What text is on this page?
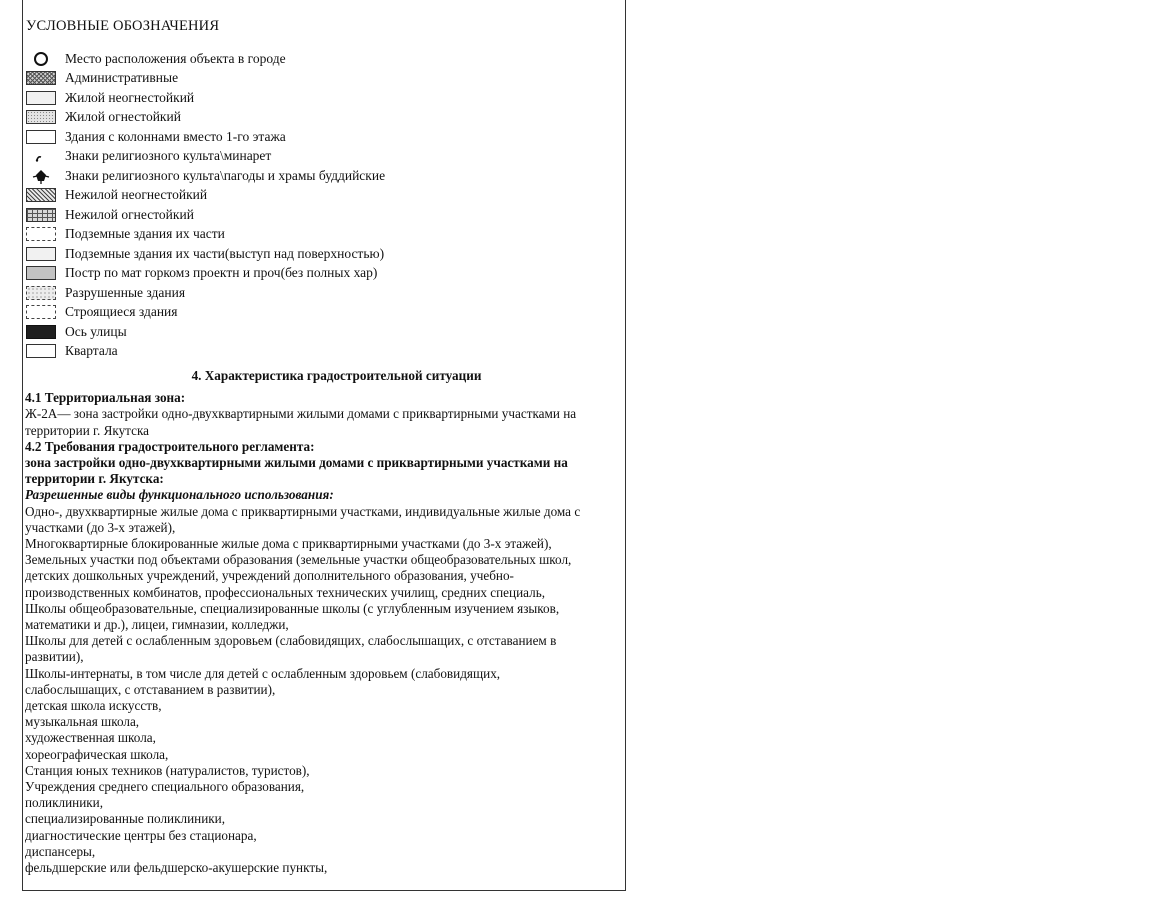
УСЛОВНЫЕ ОБОЗНАЧЕНИЯ
Место расположения объекта в городе
Административные
Жилой неогнестойкий
Жилой огнестойкий
Здания с колоннами вместо 1-го этажа
Знаки религиозного культа\минарет
Знаки религиозного культа\пагоды и храмы буддийские
Нежилой неогнестойкий
Нежилой огнестойкий
Подземные здания их части
Подземные здания их части(выступ над поверхностью)
Постр по мат горкомз проектн и проч(без полных хар)
Разрушенные здания
Строящиеся здания
Ось улицы
Квартала
4. Характеристика градостроительной ситуации
4.1 Территориальная зона:
Ж-2А— зона застройки одно-двухквартирными жилыми домами с приквартирными участками на
территории г. Якутска
4.2 Требования градостроительного регламента:
зона застройки одно-двухквартирными жилыми домами с приквартирными участками на
территории г. Якутска:
Разрешенные виды функционального использования:
Одно-, двухквартирные жилые дома с приквартирными участками, индивидуальные жилые дома с
участками (до 3-х этажей),
Многоквартирные блокированные жилые дома с приквартирными участками (до 3-х этажей),
Земельных участки под объектами образования (земельные участки общеобразовательных школ,
детских дошкольных учреждений, учреждений дополнительного образования, учебно-
производственных комбинатов, профессиональных технических училищ, средних специаль,
Школы общеобразовательные, специализированные школы (с углубленным изучением языков,
математики и др.), лицеи, гимназии, колледжи,
Школы для детей с ослабленным здоровьем (слабовидящих, слабослышащих, с отставанием в
развитии),
Школы-интернаты, в том числе для детей с ослабленным здоровьем (слабовидящих,
слабослышащих, с отставанием в развитии),
детская школа искусств,
музыкальная школа,
художественная школа,
хореографическая школа,
Станция юных техников (натуралистов, туристов),
Учреждения среднего специального образования,
поликлиники,
специализированные поликлиники,
диагностические центры без стационара,
диспансеры,
фельдшерские или фельдшерско-акушерские пункты,
